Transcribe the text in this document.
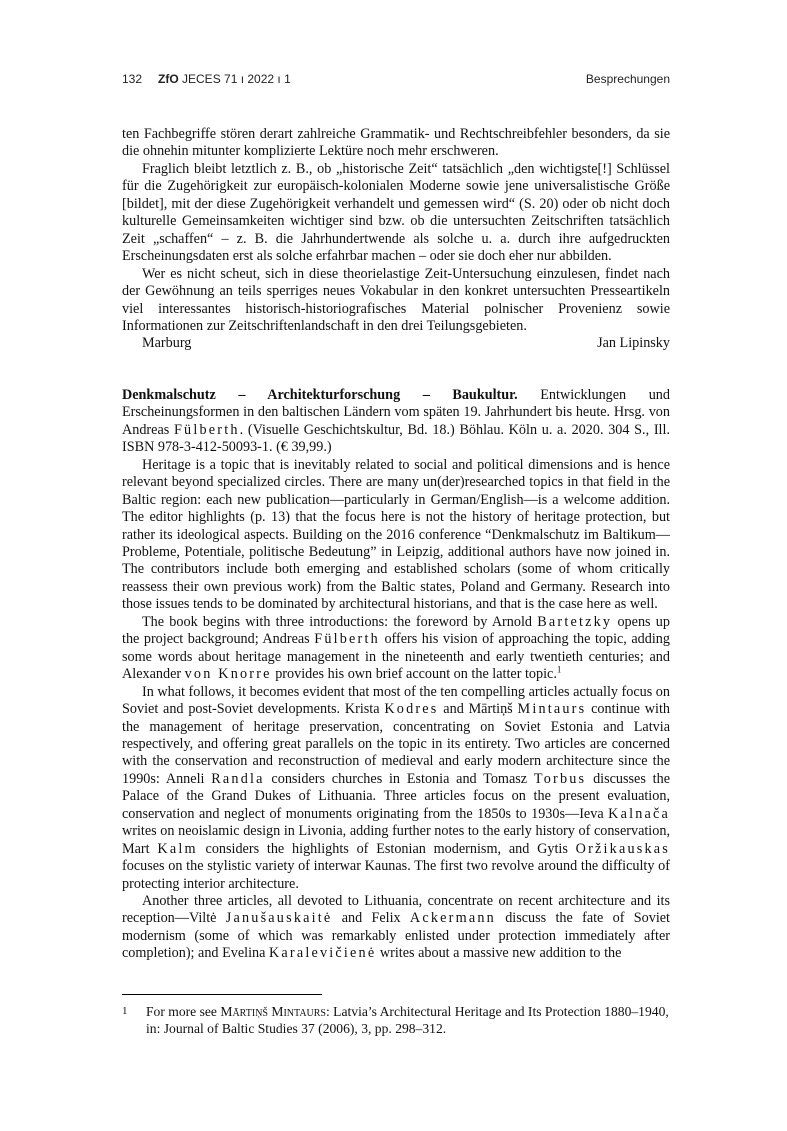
132 ZfO JECES 71 ı 2022 ı 1	Besprechungen

ten Fachbegriffe stören derart zahlreiche Grammatik- und Rechtschreibfehler besonders, da sie die ohnehin mitunter komplizierte Lektüre noch mehr erschweren.

Fraglich bleibt letztlich z. B., ob „historische Zeit“ tatsächlich „den wichtigste[!] Schlüssel für die Zugehörigkeit zur europäisch-kolonialen Moderne sowie jene universalistische Größe [bildet], mit der diese Zugehörigkeit verhandelt und gemessen wird“ (S. 20) oder ob nicht doch kulturelle Gemeinsamkeiten wichtiger sind bzw. ob die untersuchten Zeitschriften tatsächlich Zeit „schaffen“ – z. B. die Jahrhundertwende als solche u. a. durch ihre aufgedruckten Erscheinungsdaten erst als solche erfahrbar machen – oder sie doch eher nur abbilden.

Wer es nicht scheut, sich in diese theorielastige Zeit-Untersuchung einzulesen, findet nach der Gewöhnung an teils sperriges neues Vokabular in den konkret untersuchten Presseartikeln viel interessantes historisch-historiografisches Material polnischer Provenienz sowie Informationen zur Zeitschriftenlandschaft in den drei Teilungsgebieten.

Marburg	Jan Lipinsky

Denkmalschutz – Architekturforschung – Baukultur. Entwicklungen und Erscheinungsformen in den baltischen Ländern vom späten 19. Jahrhundert bis heute. Hrsg. von Andreas Fülberth. (Visuelle Geschichtskultur, Bd. 18.) Böhlau. Köln u. a. 2020. 304 S., Ill. ISBN 978-3-412-50093-1. (€ 39,99.)

Heritage is a topic that is inevitably related to social and political dimensions and is hence relevant beyond specialized circles. There are many un(der)researched topics in that field in the Baltic region: each new publication—particularly in German/English—is a welcome addition. The editor highlights (p. 13) that the focus here is not the history of heritage protection, but rather its ideological aspects. Building on the 2016 conference “Denkmalschutz im Baltikum—Probleme, Potentiale, politische Bedeutung” in Leipzig, additional authors have now joined in. The contributors include both emerging and established scholars (some of whom critically reassess their own previous work) from the Baltic states, Poland and Germany. Research into those issues tends to be dominated by architectural historians, and that is the case here as well.

The book begins with three introductions: the foreword by Arnold Bartetzky opens up the project background; Andreas Fülberth offers his vision of approaching the topic, adding some words about heritage management in the nineteenth and early twentieth centuries; and Alexander von Knorre provides his own brief account on the latter topic.$^1$

In what follows, it becomes evident that most of the ten compelling articles actually focus on Soviet and post-Soviet developments. Krista Kodres and Mārtiņš Mintaurs continue with the management of heritage preservation, concentrating on Soviet Estonia and Latvia respectively, and offering great parallels on the topic in its entirety. Two articles are concerned with the conservation and reconstruction of medieval and early modern architecture since the 1990s: Anneli Randla considers churches in Estonia and Tomasz Torbus discusses the Palace of the Grand Dukes of Lithuania. Three articles focus on the present evaluation, conservation and neglect of monuments originating from the 1850s to 1930s—Ieva Kalnača writes on neoislamic design in Livonia, adding further notes to the early history of conservation, Mart Kalm considers the highlights of Estonian modernism, and Gytis Oržikauskas focuses on the stylistic variety of interwar Kaunas. The first two revolve around the difficulty of protecting interior architecture.

Another three articles, all devoted to Lithuania, concentrate on recent architecture and its reception—Viltė Janušauskaitė and Felix Ackermann discuss the fate of Soviet modernism (some of which was remarkably enlisted under protection immediately after completion); and Evelina Karalevičienė writes about a massive new addition to the

1 For more see Mārtiņš Mintaurs: Latvia’s Architectural Heritage and Its Protection 1880–1940, in: Journal of Baltic Studies 37 (2006), 3, pp. 298–312.
